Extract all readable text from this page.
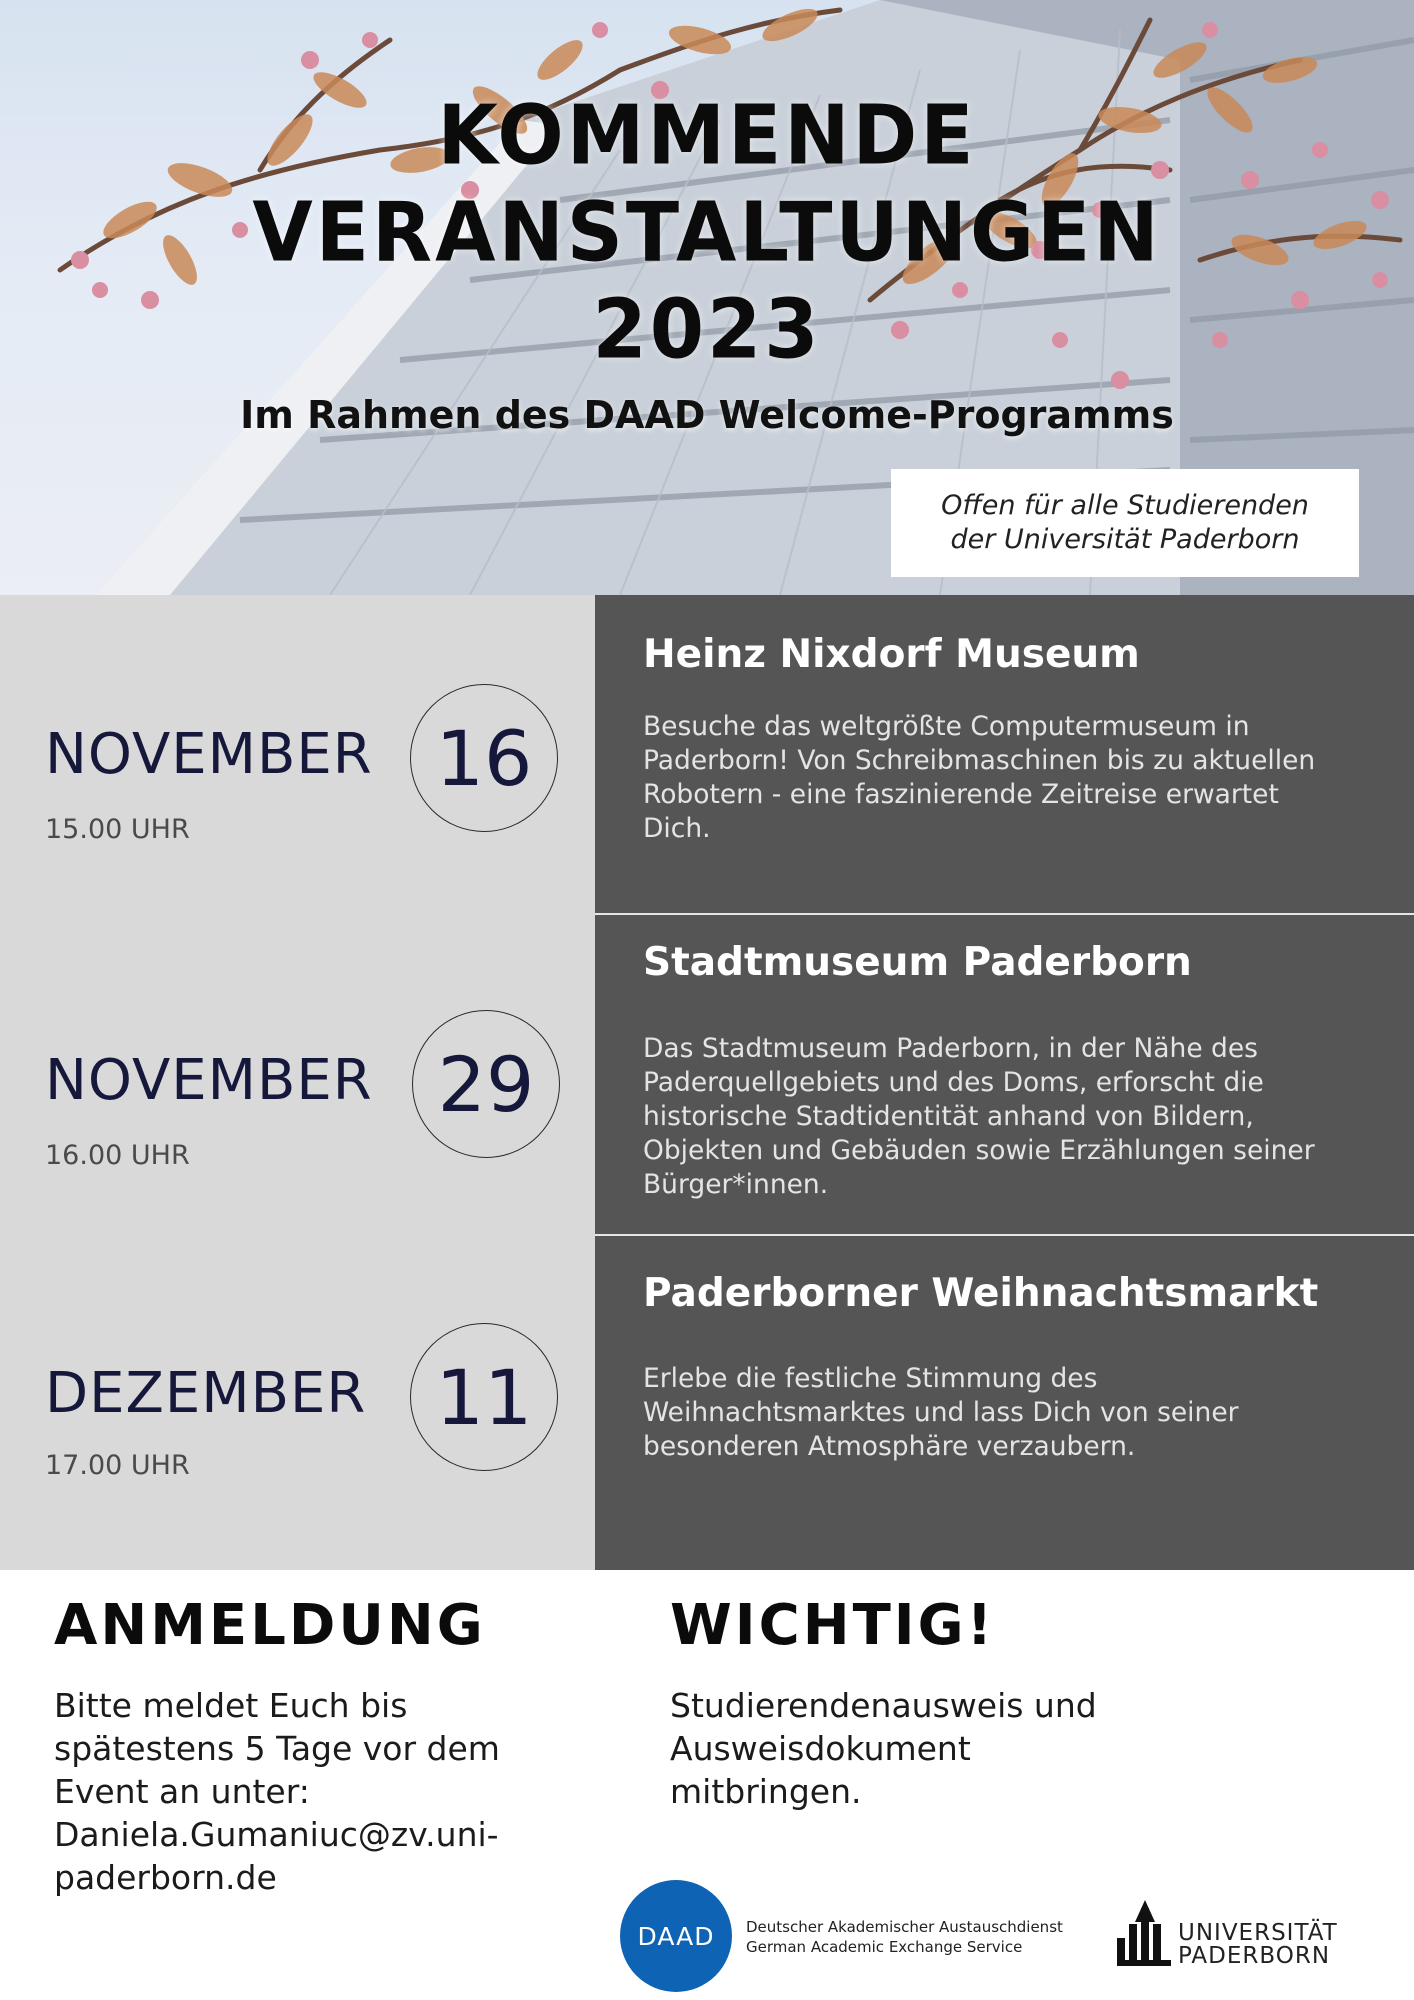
KOMMENDE
VERANSTALTUNGEN
2023
Im Rahmen des DAAD Welcome-Programms
Offen für alle Studierenden
der Universität Paderborn
NOVEMBER
15.00 UHR
16
Heinz Nixdorf Museum
Besuche das weltgrößte Computermuseum in
Paderborn! Von Schreibmaschinen bis zu aktuellen
Robotern - eine faszinierende Zeitreise erwartet
Dich.
NOVEMBER
16.00 UHR
29
Stadtmuseum Paderborn
Das Stadtmuseum Paderborn, in der Nähe des
Paderquellgebiets und des Doms, erforscht die
historische Stadtidentität anhand von Bildern,
Objekten und Gebäuden sowie Erzählungen seiner
Bürger*innen.
DEZEMBER
17.00 UHR
11
Paderborner Weihnachtsmarkt
Erlebe die festliche Stimmung des
Weihnachtsmarktes und lass Dich von seiner
besonderen Atmosphäre verzaubern.
ANMELDUNG
Bitte meldet Euch bis
spätestens 5 Tage vor dem
Event an unter:
Daniela.Gumaniuc@zv.uni-
paderborn.de
WICHTIG!
Studierendenausweis und
Ausweisdokument
mitbringen.
DAAD Deutscher Akademischer Austauschdienst
German Academic Exchange Service
UNIVERSITÄT
PADERBORN
